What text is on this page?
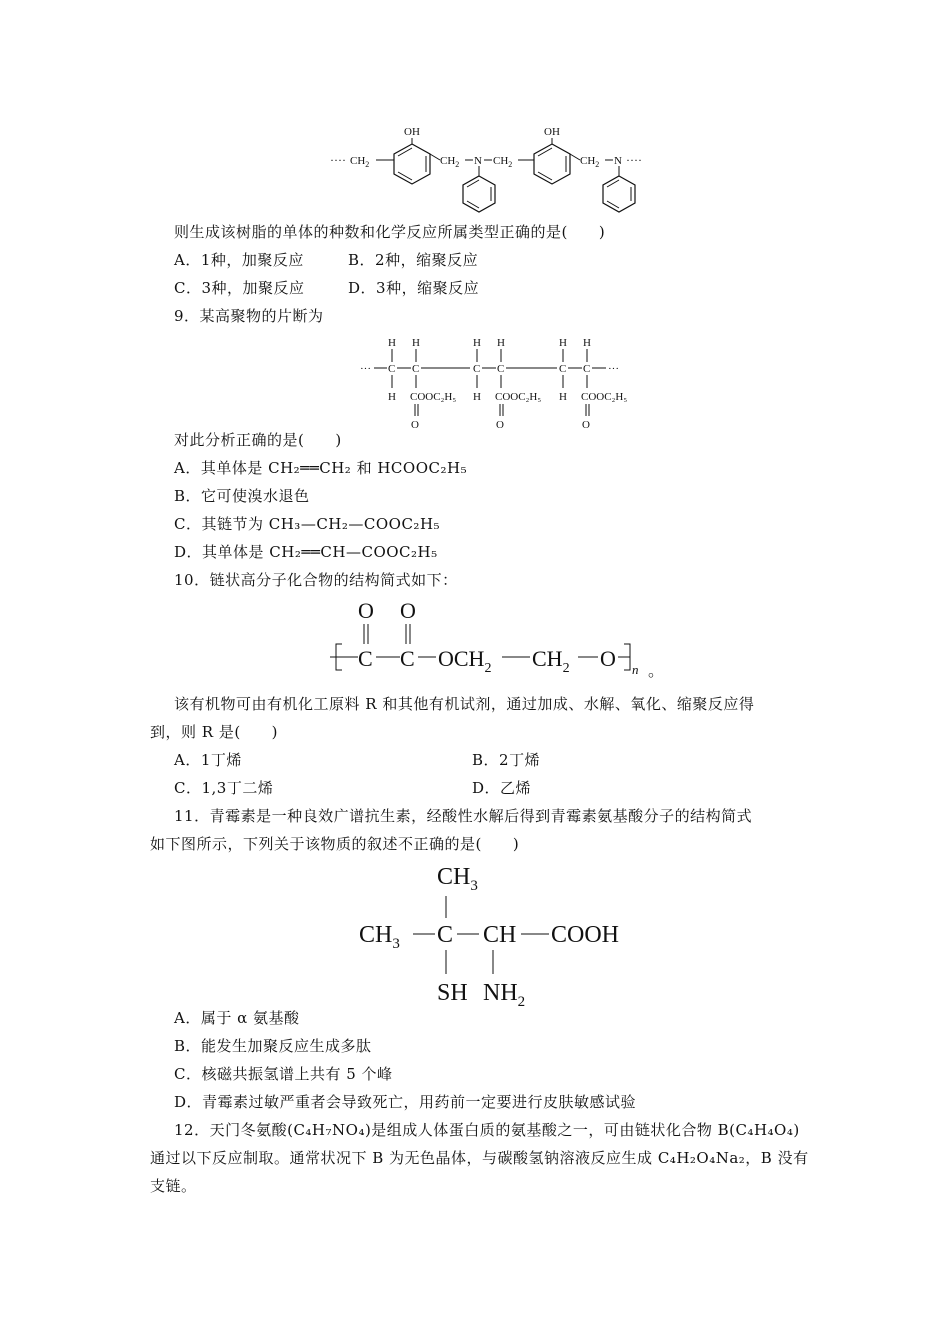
···· $CH_2$
OH
$CH_2$ N $CH_2$
OH
$CH_2$ N ····
则生成该树脂的单体的种数和化学反应所属类型正确的是(　　)
A．1种，加聚反应	B．2种，缩聚反应
C．3种，加聚反应	D．3种，缩聚反应
9．某高聚物的片断为
H H
··· C C
H COOC₂H₅
O
H H
C C
H COOC₂H₅
O
H H
C C ···
H COOC₂H₅
O
对此分析正确的是(　　)
A．其单体是 CH₂══CH₂ 和 HCOOC₂H₅
B．它可使溴水退色
C．其链节为 CH₃—CH₂—COOC₂H₅
D．其单体是 CH₂══CH—COOC₂H₅
10．链状高分子化合物的结构简式如下：
O O
C C $OCH_2$ $CH_2$ O n 。
该有机物可由有机化工原料 R 和其他有机试剂，通过加成、水解、氧化、缩聚反应得
到，则 R 是(　　)
A．1丁烯	B．2丁烯
C．1,3丁二烯	D．乙烯
11．青霉素是一种良效广谱抗生素，经酸性水解后得到青霉素氨基酸分子的结构简式
如下图所示，下列关于该物质的叙述不正确的是(　　)
$CH_3$
$CH_3$ C CH COOH
SH $NH_2$
A．属于 α 氨基酸
B．能发生加聚反应生成多肽
C．核磁共振氢谱上共有 5 个峰
D．青霉素过敏严重者会导致死亡，用药前一定要进行皮肤敏感试验
12．天门冬氨酸(C₄H₇NO₄)是组成人体蛋白质的氨基酸之一，可由链状化合物 B(C₄H₄O₄)
通过以下反应制取。通常状况下 B 为无色晶体，与碳酸氢钠溶液反应生成 C₄H₂O₄Na₂，B 没有
支链。
